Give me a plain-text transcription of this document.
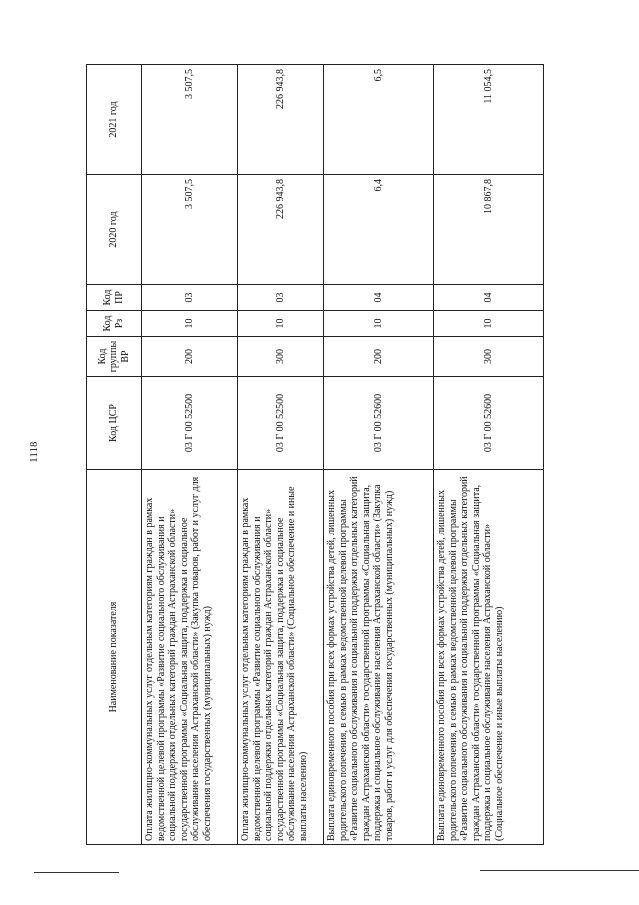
1118
Наименование показателя	Код ЦСР	Код группы ВР	Код Рз	Код ПР	2020 год	2021 год
Оплата жилищно-коммунальных услуг отдельным категориям граждан в рамках ведомственной целевой программы «Развитие социального обслуживания и социальной поддержки отдельных категорий граждан Астраханской области» государственной программы «Социальная защита, поддержка и социальное обслуживание населения Астраханской области» (Закупка товаров, работ и услуг для обеспечения государственных (муниципальных) нужд)	03 Г 00 52500	200	10	03	3 507,5	3 507,5
Оплата жилищно-коммунальных услуг отдельным категориям граждан в рамках ведомственной целевой программы «Развитие социального обслуживания и социальной поддержки отдельных категорий граждан Астраханской области» государственной программы «Социальная защита, поддержка и социальное обслуживание населения Астраханской области» (Социальное обеспечение и иные выплаты населению)	03 Г 00 52500	300	10	03	226 943,8	226 943,8
Выплата единовременного пособия при всех формах устройства детей, лишенных родительского попечения, в семью в рамках ведомственной целевой программы «Развитие социального обслуживания и социальной поддержки отдельных категорий граждан Астраханской области» государственной программы «Социальная защита, поддержка и социальное обслуживание населения Астраханской области» (Закупка товаров, работ и услуг для обеспечения государственных (муниципальных) нужд)	03 Г 00 52600	200	10	04	6,4	6,5
Выплата единовременного пособия при всех формах устройства детей, лишенных родительского попечения, в семью в рамках ведомственной целевой программы «Развитие социального обслуживания и социальной поддержки отдельных категорий граждан Астраханской области» государственной программы «Социальная защита, поддержка и социальное обслуживание населения Астраханской области» (Социальное обеспечение и иные выплаты населению)	03 Г 00 52600	300	10	04	10 867,8	11 054,5
